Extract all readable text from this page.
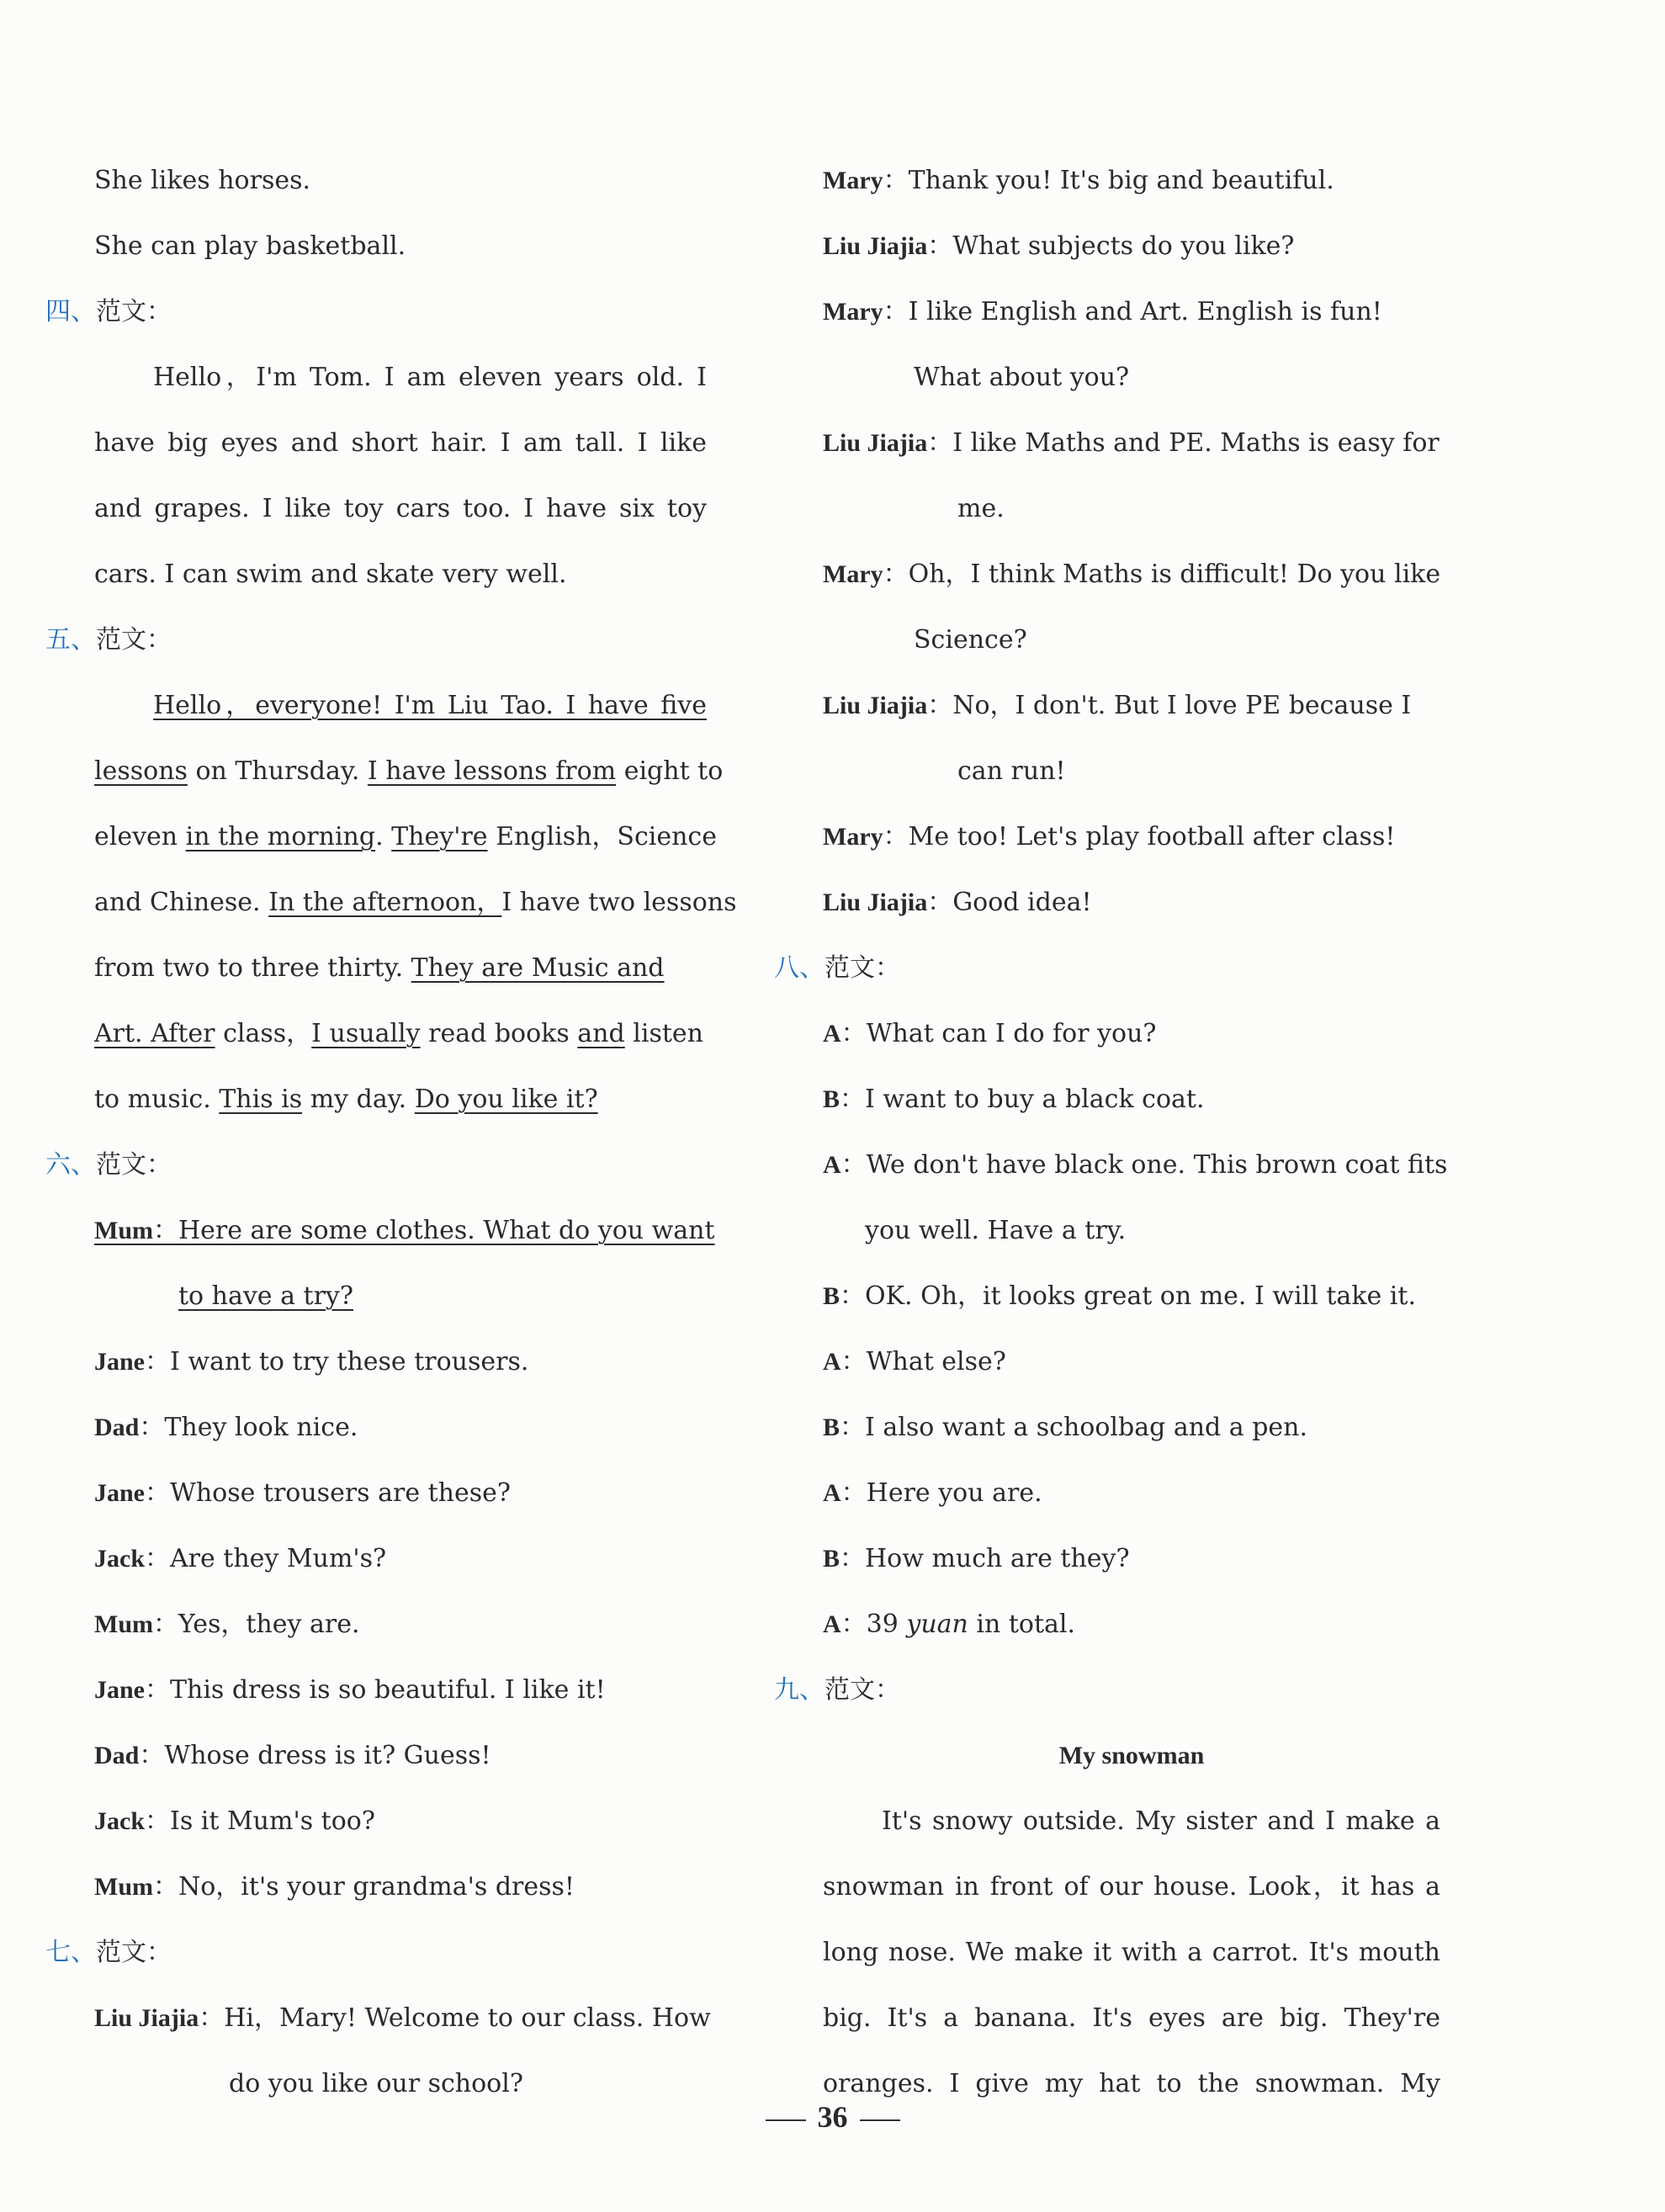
She likes horses.
She can play basketball.
四、范文：
Hello，I'm Tom. I am eleven years old. I
have big eyes and short hair. I am tall. I like
and grapes. I like toy cars too. I have six toy
cars. I can swim and skate very well.
五、范文：
Hello，everyone! I'm Liu Tao. I have five
lessons on Thursday. I have lessons from eight to
eleven in the morning. They're English，Science
and Chinese. In the afternoon，I have two lessons
from two to three thirty. They are Music and
Art. After class，I usually read books and listen
to music. This is my day. Do you like it?
六、范文：
Mum：Here are some clothes. What do you want
to have a try?
Jane：I want to try these trousers.
Dad：They look nice.
Jane：Whose trousers are these?
Jack：Are they Mum's?
Mum：Yes，they are.
Jane：This dress is so beautiful. I like it!
Dad：Whose dress is it? Guess!
Jack：Is it Mum's too?
Mum：No，it's your grandma's dress!
七、范文：
Liu Jiajia：Hi，Mary! Welcome to our class. How
do you like our school?
Mary：Thank you! It's big and beautiful.
Liu Jiajia：What subjects do you like?
Mary：I like English and Art. English is fun!
What about you?
Liu Jiajia：I like Maths and PE. Maths is easy for
me.
Mary：Oh，I think Maths is difficult! Do you like
Science?
Liu Jiajia：No，I don't. But I love PE because I
can run!
Mary：Me too! Let's play football after class!
Liu Jiajia：Good idea!
八、范文：
A：What can I do for you?
B：I want to buy a black coat.
A：We don't have black one. This brown coat fits
you well. Have a try.
B：OK. Oh，it looks great on me. I will take it.
A：What else?
B：I also want a schoolbag and a pen.
A：Here you are.
B：How much are they?
A：39 yuan in total.
九、范文：
My snowman
It's snowy outside. My sister and I make a
snowman in front of our house. Look，it has a
long nose. We make it with a carrot. It's mouth
big. It's a banana. It's eyes are big. They're
oranges. I give my hat to the snowman. My
36
